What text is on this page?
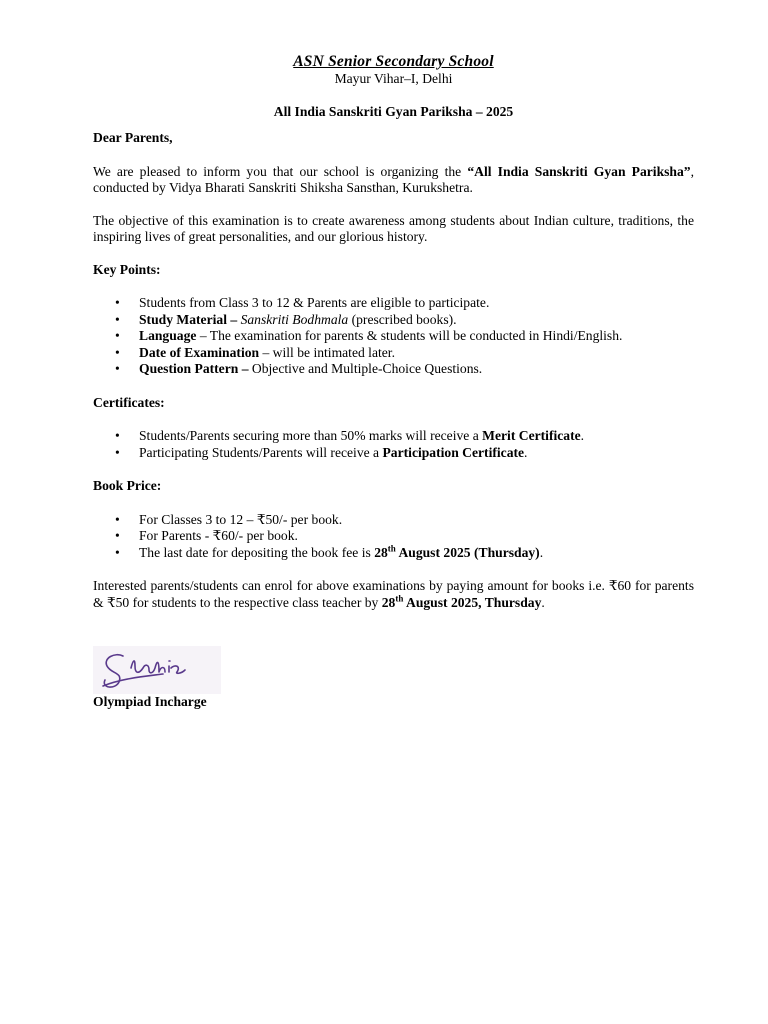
ASN Senior Secondary School

Mayur Vihar–I, Delhi

All India Sanskriti Gyan Pariksha – 2025

Dear Parents,

We are pleased to inform you that our school is organizing the “All India Sanskriti Gyan Pariksha”, conducted by Vidya Bharati Sanskriti Shiksha Sansthan, Kurukshetra.

The objective of this examination is to create awareness among students about Indian culture, traditions, the inspiring lives of great personalities, and our glorious history.

Key Points:

• Students from Class 3 to 12 & Parents are eligible to participate.
• Study Material – Sanskriti Bodhmala (prescribed books).
• Language – The examination for parents & students will be conducted in Hindi/English.
• Date of Examination – will be intimated later.
• Question Pattern – Objective and Multiple-Choice Questions.

Certificates:

• Students/Parents securing more than 50% marks will receive a Merit Certificate.
• Participating Students/Parents will receive a Participation Certificate.

Book Price:

• For Classes 3 to 12 – ₹50/- per book.
• For Parents - ₹60/- per book.
• The last date for depositing the book fee is 28th August 2025 (Thursday).

Interested parents/students can enrol for above examinations by paying amount for books i.e. ₹60 for parents & ₹50 for students to the respective class teacher by 28th August 2025, Thursday.

Olympiad Incharge
